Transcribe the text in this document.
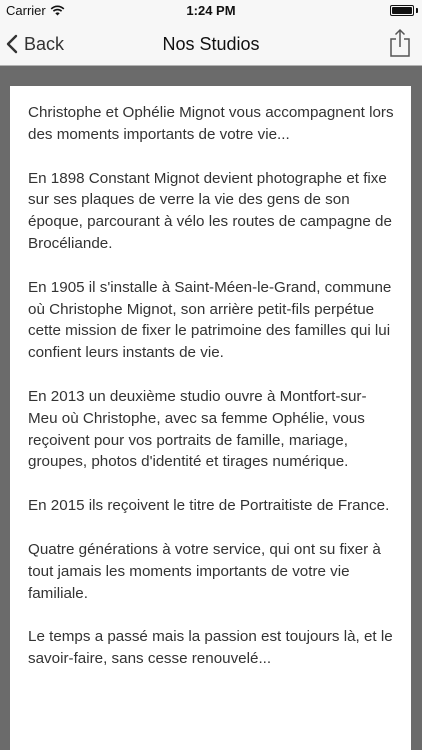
Carrier	1:24 PM
Back	Nos Studios

Christophe et Ophélie Mignot vous accompagnent lors des moments importants de votre vie...

En 1898 Constant Mignot devient photographe et fixe sur ses plaques de verre la vie des gens de son époque, parcourant à vélo les routes de campagne de Brocéliande.

En 1905 il s'installe à Saint-Méen-le-Grand, commune où Christophe Mignot, son arrière petit-fils perpétue cette mission de fixer le patrimoine des familles qui lui confient leurs instants de vie.

En 2013 un deuxième studio ouvre à Montfort-sur-Meu où Christophe, avec sa femme Ophélie, vous reçoivent pour vos portraits de famille, mariage, groupes, photos d'identité et tirages numérique.

En 2015 ils reçoivent le titre de Portraitiste de France.

Quatre générations à votre service, qui ont su fixer à tout jamais les moments importants de votre vie familiale.

Le temps a passé mais la passion est toujours là, et le savoir-faire, sans cesse renouvelé...
